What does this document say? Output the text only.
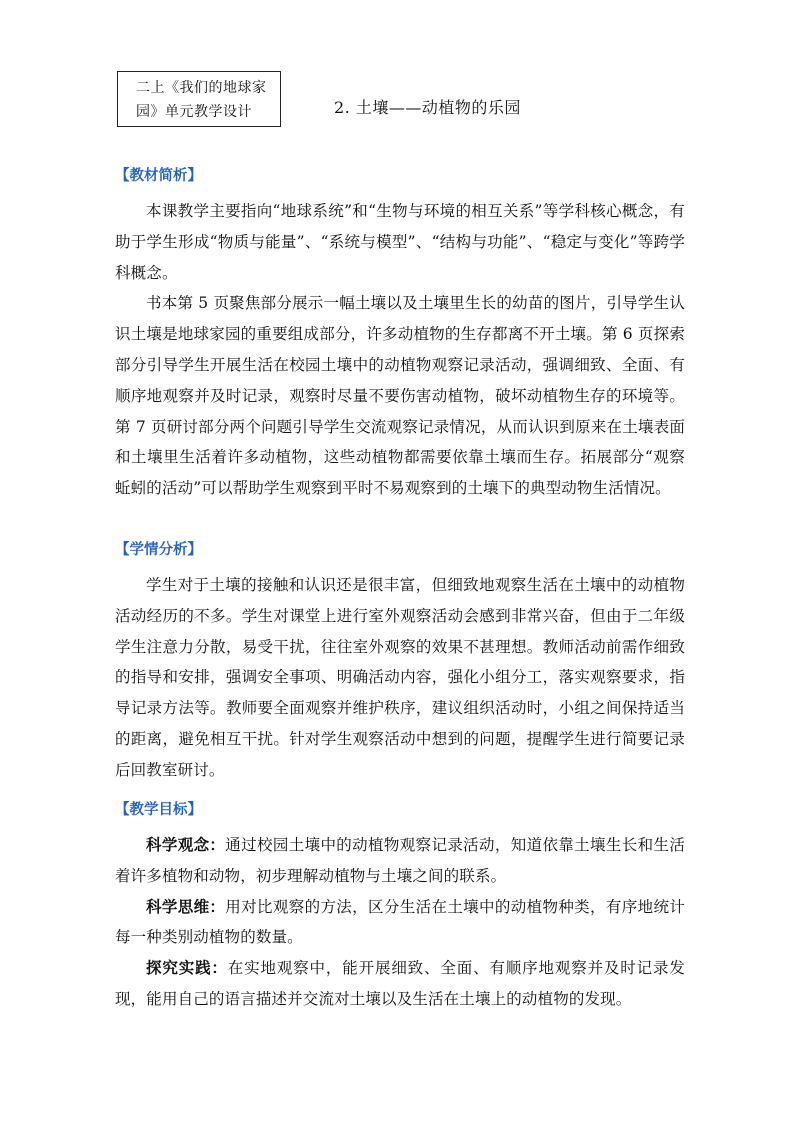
二上《我们的地球家
园》单元教学设计	2. 土壤——动植物的乐园

【教材简析】

本课教学主要指向“地球系统”和“生物与环境的相互关系”等学科核心概念，有助于学生形成“物质与能量”、“系统与模型”、“结构与功能”、“稳定与变化”等跨学科概念。

书本第 5 页聚焦部分展示一幅土壤以及土壤里生长的幼苗的图片，引导学生认识土壤是地球家园的重要组成部分，许多动植物的生存都离不开土壤。第 6 页探索部分引导学生开展生活在校园土壤中的动植物观察记录活动，强调细致、全面、有顺序地观察并及时记录，观察时尽量不要伤害动植物，破坏动植物生存的环境等。第 7 页研讨部分两个问题引导学生交流观察记录情况，从而认识到原来在土壤表面和土壤里生活着许多动植物，这些动植物都需要依靠土壤而生存。拓展部分“观察蚯蚓的活动”可以帮助学生观察到平时不易观察到的土壤下的典型动物生活情况。

【学情分析】

学生对于土壤的接触和认识还是很丰富，但细致地观察生活在土壤中的动植物活动经历的不多。学生对课堂上进行室外观察活动会感到非常兴奋，但由于二年级学生注意力分散，易受干扰，往往室外观察的效果不甚理想。教师活动前需作细致的指导和安排，强调安全事项、明确活动内容，强化小组分工，落实观察要求，指导记录方法等。教师要全面观察并维护秩序，建议组织活动时，小组之间保持适当的距离，避免相互干扰。针对学生观察活动中想到的问题，提醒学生进行简要记录后回教室研讨。

【教学目标】

科学观念：通过校园土壤中的动植物观察记录活动，知道依靠土壤生长和生活着许多植物和动物，初步理解动植物与土壤之间的联系。

科学思维：用对比观察的方法，区分生活在土壤中的动植物种类，有序地统计每一种类别动植物的数量。

探究实践：在实地观察中，能开展细致、全面、有顺序地观察并及时记录发现，能用自己的语言描述并交流对土壤以及生活在土壤上的动植物的发现。
